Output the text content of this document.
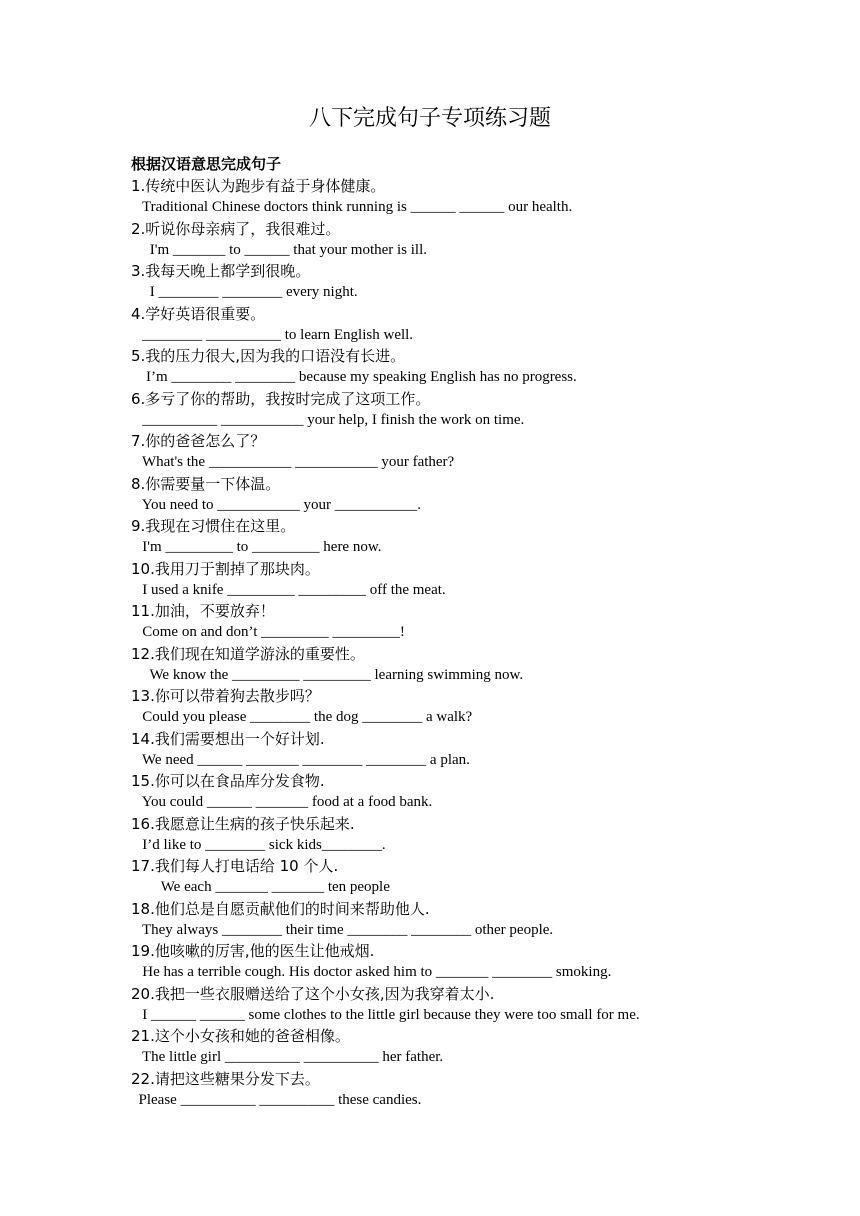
八下完成句子专项练习题
根据汉语意思完成句子
1.传统中医认为跑步有益于身体健康。
Traditional Chinese doctors think running is ______ ______ our health.
2.听说你母亲病了，我很难过。
I'm _______ to ______ that your mother is ill.
3.我每天晚上都学到很晚。
I ________ ________ every night.
4.学好英语很重要。
________ __________ to learn English well.
5.我的压力很大,因为我的口语没有长进。
I’m ________ ________ because my speaking English has no progress.
6.多亏了你的帮助，我按时完成了这项工作。
__________ ___________ your help, I finish the work on time.
7.你的爸爸怎么了？
What's the ___________ ___________ your father?
8.你需要量一下体温。
You need to ___________ your ___________.
9.我现在习惯住在这里。
I'm _________ to _________ here now.
10.我用刀于割掉了那块肉。
I used a knife _________ _________ off the meat.
11.加油，不要放弃！
Come on and don’t _________ _________!
12.我们现在知道学游泳的重要性。
We know the _________ _________ learning swimming now.
13.你可以带着狗去散步吗？
Could you please ________ the dog ________ a walk?
14.我们需要想出一个好计划.
We need ______ _______ ________ ________ a plan.
15.你可以在食品库分发食物.
You could ______ _______ food at a food bank.
16.我愿意让生病的孩子快乐起来.
I’d like to ________ sick kids________.
17.我们每人打电话给 10 个人.
We each _______ _______ ten people
18.他们总是自愿贡献他们的时间来帮助他人.
They always ________ their time ________ ________ other people.
19.他咳嗽的厉害,他的医生让他戒烟.
He has a terrible cough. His doctor asked him to _______ ________ smoking.
20.我把一些衣服赠送给了这个小女孩,因为我穿着太小.
I ______ ______ some clothes to the little girl because they were too small for me.
21.这个小女孩和她的爸爸相像。
The little girl __________ __________ her father.
22.请把这些糖果分发下去。
Please __________ __________ these candies.
